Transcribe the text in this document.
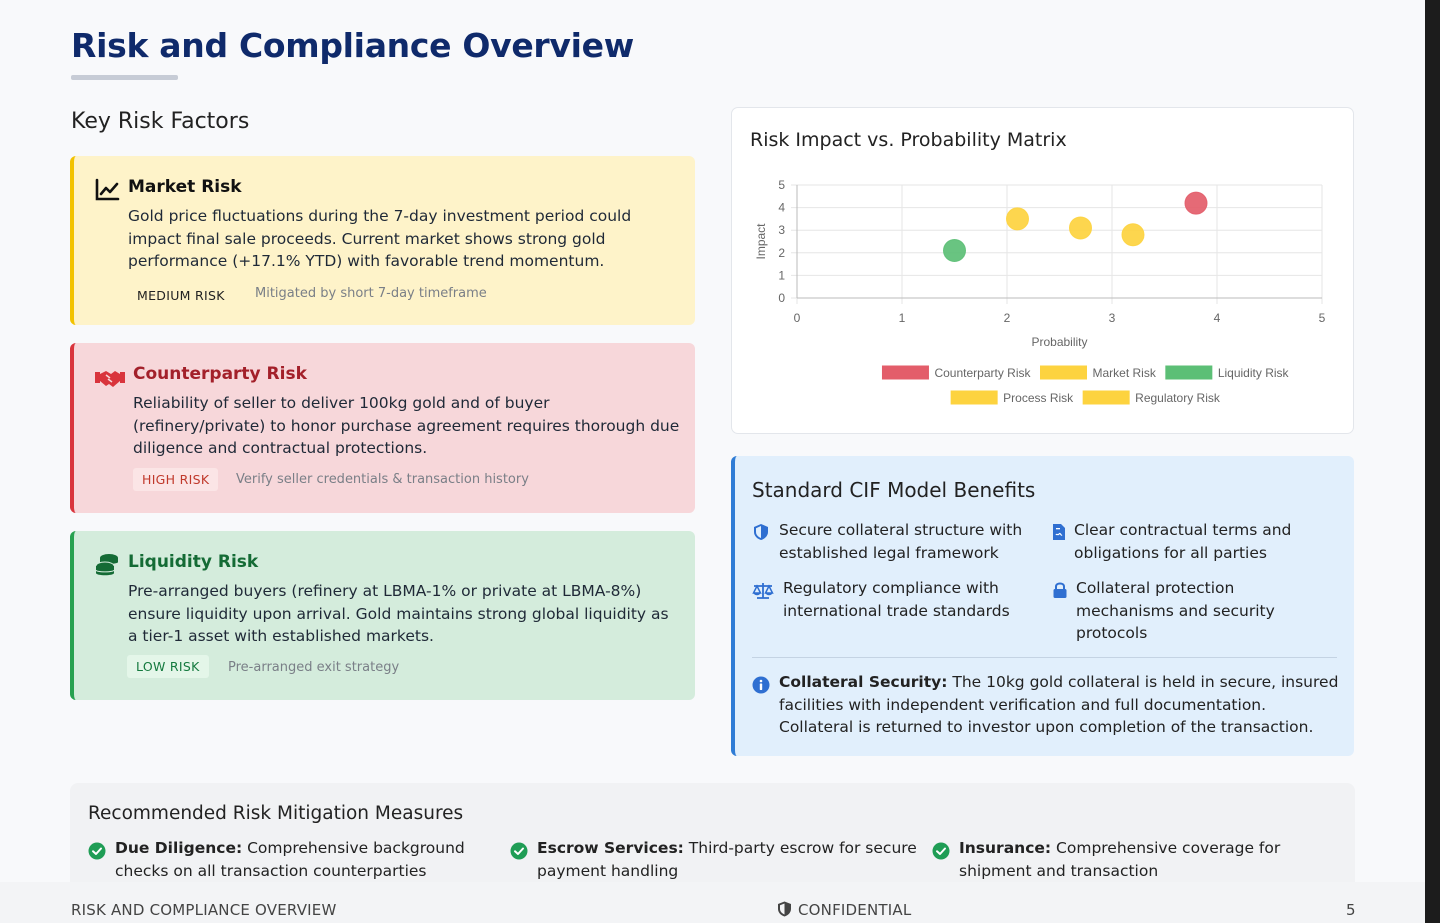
Risk and Compliance Overview
Key Risk Factors
Market Risk
Gold price fluctuations during the 7-day investment period could impact final sale proceeds. Current market shows strong gold performance (+17.1% YTD) with favorable trend momentum.
MEDIUM RISK	Mitigated by short 7-day timeframe
Counterparty Risk
Reliability of seller to deliver 100kg gold and of buyer (refinery/private) to honor purchase agreement requires thorough due diligence and contractual protections.
HIGH RISK	Verify seller credentials & transaction history
Liquidity Risk
Pre-arranged buyers (refinery at LBMA-1% or private at LBMA-8%) ensure liquidity upon arrival. Gold maintains strong global liquidity as a tier-1 asset with established markets.
LOW RISK	Pre-arranged exit strategy
Risk Impact vs. Probability Matrix
0	1	2	3	4	5
0
1
2
3
4
5
Probability
Impact
Counterparty Risk	Market Risk	Liquidity Risk
Process Risk	Regulatory Risk
Standard CIF Model Benefits
Secure collateral structure with established legal framework
Clear contractual terms and obligations for all parties
Regulatory compliance with international trade standards
Collateral protection mechanisms and security protocols
Collateral Security: The 10kg gold collateral is held in secure, insured facilities with independent verification and full documentation. Collateral is returned to investor upon completion of the transaction.
Recommended Risk Mitigation Measures
Due Diligence: Comprehensive background checks on all transaction counterparties
Escrow Services: Third-party escrow for secure payment handling
Insurance: Comprehensive coverage for shipment and transaction
RISK AND COMPLIANCE OVERVIEW	CONFIDENTIAL	5
